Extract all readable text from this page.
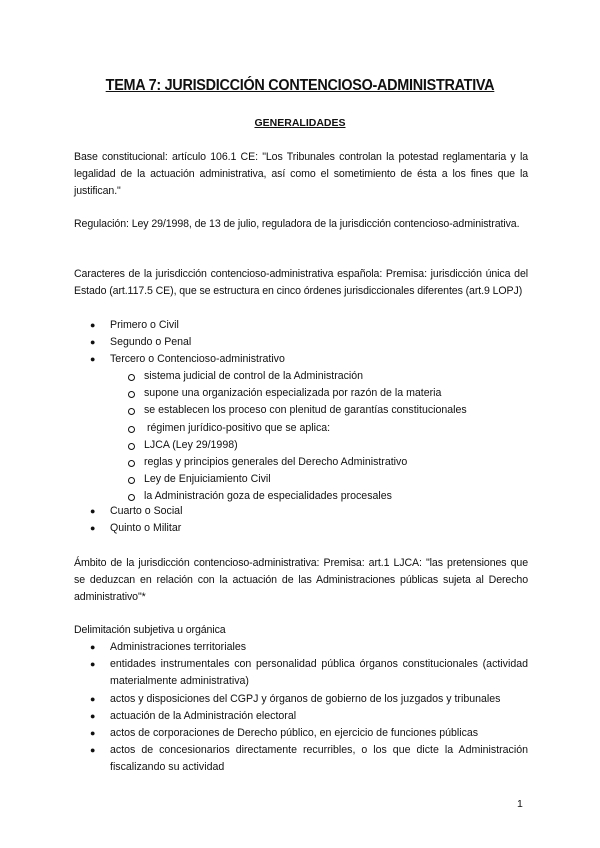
TEMA 7: JURISDICCIÓN CONTENCIOSO-ADMINISTRATIVA
GENERALIDADES
Base constitucional: artículo 106.1 CE: "Los Tribunales controlan la potestad reglamentaria y la legalidad de la actuación administrativa, así como el sometimiento de ésta a los fines que la justifican."
Regulación: Ley 29/1998, de 13 de julio, reguladora de la jurisdicción contencioso-administrativa.
Caracteres de la jurisdicción contencioso-administrativa española: Premisa: jurisdicción única del Estado (art.117.5 CE), que se estructura en cinco órdenes jurisdiccionales diferentes (art.9 LOPJ)
● Primero o Civil
● Segundo o Penal
● Tercero o Contencioso-administrativo
sistema judicial de control de la Administración
supone una organización especializada por razón de la materia
se establecen los proceso con plenitud de garantías constitucionales
régimen jurídico-positivo que se aplica:
LJCA (Ley 29/1998)
reglas y principios generales del Derecho Administrativo
Ley de Enjuiciamiento Civil
la Administración goza de especialidades procesales
● Cuarto o Social
● Quinto o Militar
Ámbito de la jurisdicción contencioso-administrativa: Premisa: art.1 LJCA: "las pretensiones que se deduzcan en relación con la actuación de las Administraciones públicas sujeta al Derecho administrativo"*
Delimitación subjetiva u orgánica
● Administraciones territoriales
● entidades instrumentales con personalidad pública órganos constitucionales (actividad materialmente administrativa)
● actos y disposiciones del CGPJ y órganos de gobierno de los juzgados y tribunales
● actuación de la Administración electoral
● actos de corporaciones de Derecho público, en ejercicio de funciones públicas
● actos de concesionarios directamente recurribles, o los que dicte la Administración fiscalizando su actividad
1
